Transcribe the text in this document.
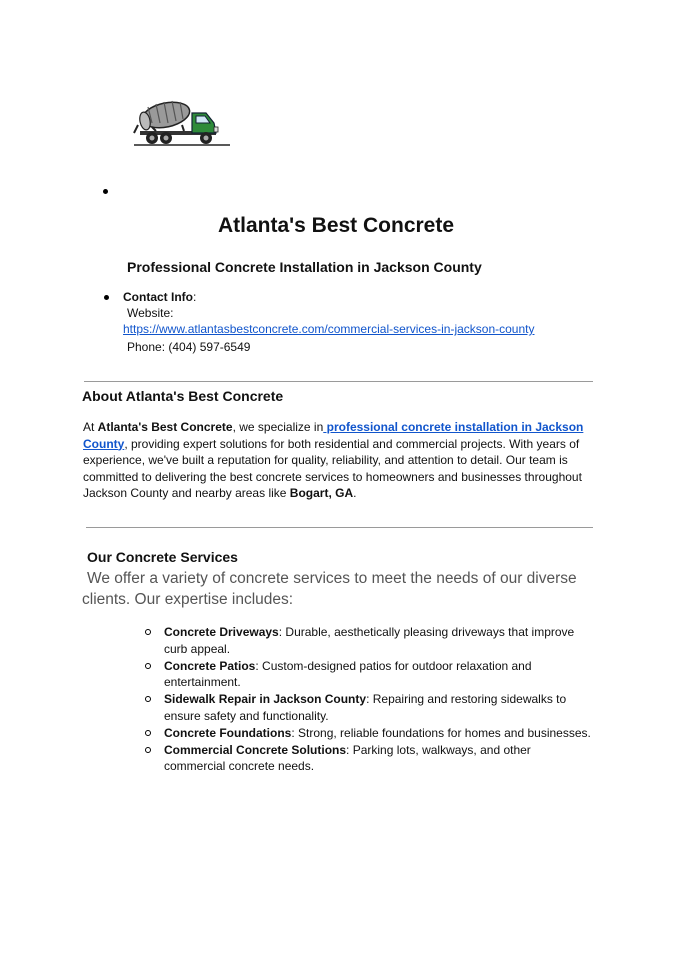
Atlanta's Best Concrete
Professional Concrete Installation in Jackson County
Contact Info:
Website:
https://www.atlantasbestconcrete.com/commercial-services-in-jackson-county
Phone: (404) 597-6549
About Atlanta's Best Concrete
At Atlanta's Best Concrete, we specialize in professional concrete installation in Jackson County, providing expert solutions for both residential and commercial projects. With years of experience, we've built a reputation for quality, reliability, and attention to detail. Our team is committed to delivering the best concrete services to homeowners and businesses throughout Jackson County and nearby areas like Bogart, GA.
Our Concrete Services
We offer a variety of concrete services to meet the needs of our diverse clients. Our expertise includes:
Concrete Driveways: Durable, aesthetically pleasing driveways that improve curb appeal.
Concrete Patios: Custom-designed patios for outdoor relaxation and entertainment.
Sidewalk Repair in Jackson County: Repairing and restoring sidewalks to ensure safety and functionality.
Concrete Foundations: Strong, reliable foundations for homes and businesses.
Commercial Concrete Solutions: Parking lots, walkways, and other commercial concrete needs.
